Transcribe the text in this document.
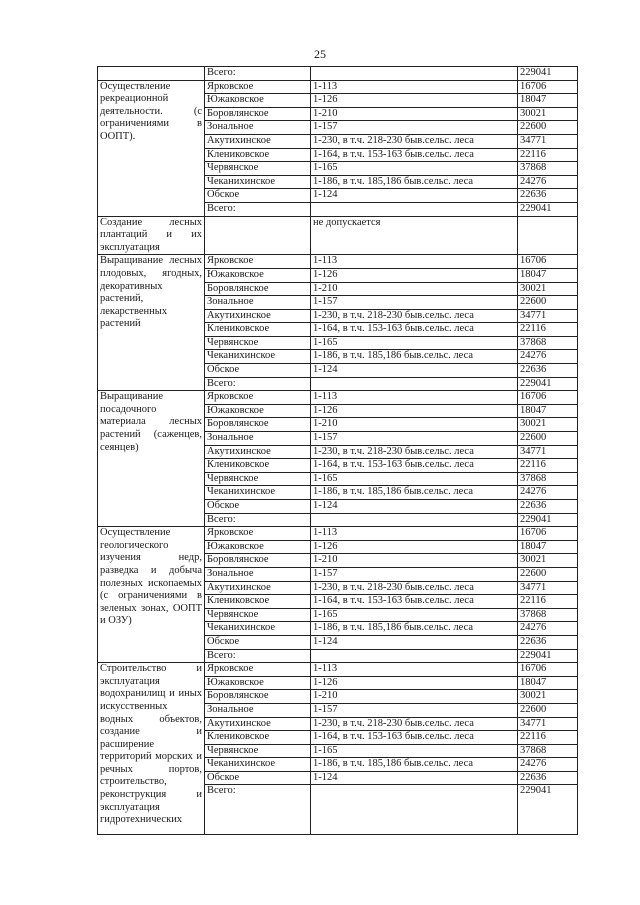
25
	Всего:		229041
Осуществление рекреационной деятельности. (с ограничениями в ООПТ).	Ярковское	1-113	16706
	Южаковское	1-126	18047
	Боровлянское	1-210	30021
	Зональное	1-157	22600
	Акутихинское	1-230, в т.ч. 218-230 быв.сельс. леса	34771
	Клениковское	1-164, в т.ч. 153-163 быв.сельс. леса	22116
	Червянское	1-165	37868
	Чеканихинское	1-186, в т.ч. 185,186 быв.сельс. леса	24276
	Обское	1-124	22636
	Всего:		229041
Создание лесных плантаций и их эксплуатация		не допускается	
Выращивание лесных плодовых, ягодных, декоративных растений, лекарственных растений	Ярковское	1-113	16706
	Южаковское	1-126	18047
	Боровлянское	1-210	30021
	Зональное	1-157	22600
	Акутихинское	1-230, в т.ч. 218-230 быв.сельс. леса	34771
	Клениковское	1-164, в т.ч. 153-163 быв.сельс. леса	22116
	Червянское	1-165	37868
	Чеканихинское	1-186, в т.ч. 185,186 быв.сельс. леса	24276
	Обское	1-124	22636
	Всего:		229041
Выращивание посадочного материала лесных растений (саженцев, сеянцев)	Ярковское	1-113	16706
	Южаковское	1-126	18047
	Боровлянское	1-210	30021
	Зональное	1-157	22600
	Акутихинское	1-230, в т.ч. 218-230 быв.сельс. леса	34771
	Клениковское	1-164, в т.ч. 153-163 быв.сельс. леса	22116
	Червянское	1-165	37868
	Чеканихинское	1-186, в т.ч. 185,186 быв.сельс. леса	24276
	Обское	1-124	22636
	Всего:		229041
Осуществление геологического изучения недр, разведка и добыча полезных ископаемых (с ограничениями в зеленых зонах, ООПТ и ОЗУ)	Ярковское	1-113	16706
	Южаковское	1-126	18047
	Боровлянское	1-210	30021
	Зональное	1-157	22600
	Акутихинское	1-230, в т.ч. 218-230 быв.сельс. леса	34771
	Клениковское	1-164, в т.ч. 153-163 быв.сельс. леса	22116
	Червянское	1-165	37868
	Чеканихинское	1-186, в т.ч. 185,186 быв.сельс. леса	24276
	Обское	1-124	22636
	Всего:		229041
Строительство и эксплуатация водохранилищ и иных искусственных водных объектов, создание и расширение территорий морских и речных портов, строительство, реконструкция и эксплуатация гидротехнических	Ярковское	1-113	16706
	Южаковское	1-126	18047
	Боровлянское	1-210	30021
	Зональное	1-157	22600
	Акутихинское	1-230, в т.ч. 218-230 быв.сельс. леса	34771
	Клениковское	1-164, в т.ч. 153-163 быв.сельс. леса	22116
	Червянское	1-165	37868
	Чеканихинское	1-186, в т.ч. 185,186 быв.сельс. леса	24276
	Обское	1-124	22636
	Всего:		229041
